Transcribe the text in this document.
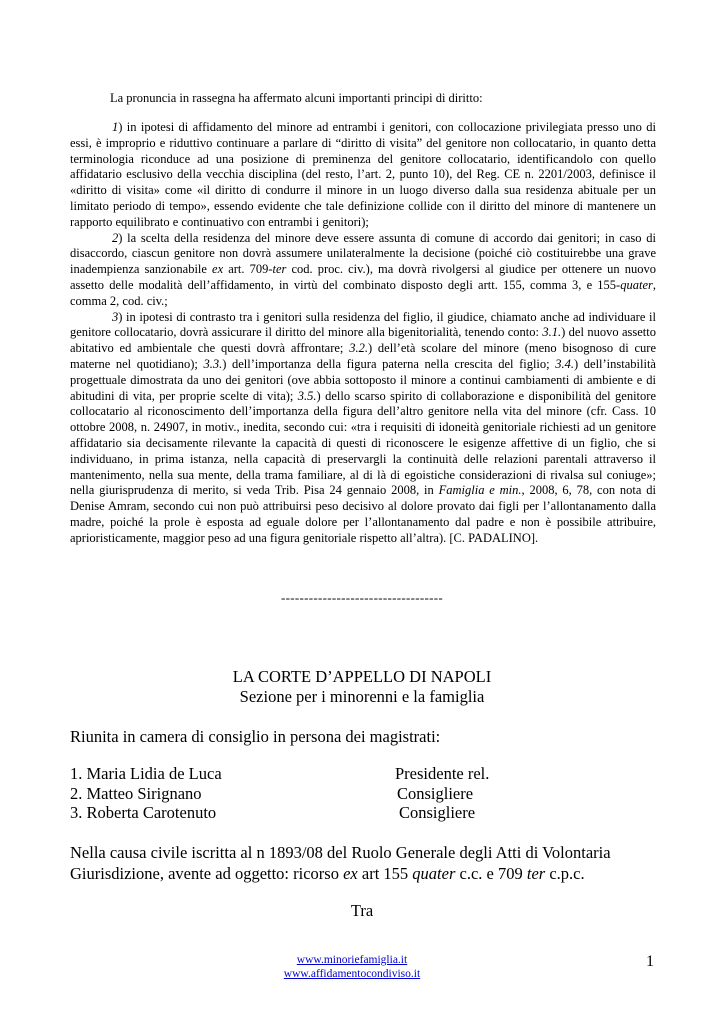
La pronuncia in rassegna ha affermato alcuni importanti principi di diritto:

1) in ipotesi di affidamento del minore ad entrambi i genitori, con collocazione privilegiata presso uno di essi, è improprio e riduttivo continuare a parlare di “diritto di visita” del genitore non collocatario, in quanto detta terminologia riconduce ad una posizione di preminenza del genitore collocatario, identificandolo con quello affidatario esclusivo della vecchia disciplina (del resto, l’art. 2, punto 10), del Reg. CE n. 2201/2003, definisce il «diritto di visita» come «il diritto di condurre il minore in un luogo diverso dalla sua residenza abituale per un limitato periodo di tempo», essendo evidente che tale definizione collide con il diritto del minore di mantenere un rapporto equilibrato e continuativo con entrambi i genitori);

2) la scelta della residenza del minore deve essere assunta di comune di accordo dai genitori; in caso di disaccordo, ciascun genitore non dovrà assumere unilateralmente la decisione (poiché ciò costituirebbe una grave inadempienza sanzionabile ex art. 709-ter cod. proc. civ.), ma dovrà rivolgersi al giudice per ottenere un nuovo assetto delle modalità dell’affidamento, in virtù del combinato disposto degli artt. 155, comma 3, e 155-quater, comma 2, cod. civ.;

3) in ipotesi di contrasto tra i genitori sulla residenza del figlio, il giudice, chiamato anche ad individuare il genitore collocatario, dovrà assicurare il diritto del minore alla bigenitorialità, tenendo conto: 3.1.) del nuovo assetto abitativo ed ambientale che questi dovrà affrontare; 3.2.) dell’età scolare del minore (meno bisognoso di cure materne nel quotidiano); 3.3.) dell’importanza della figura paterna nella crescita del figlio; 3.4.) dell’instabilità progettuale dimostrata da uno dei genitori (ove abbia sottoposto il minore a continui cambiamenti di ambiente e di abitudini di vita, per proprie scelte di vita); 3.5.) dello scarso spirito di collaborazione e disponibilità del genitore collocatario al riconoscimento dell’importanza della figura dell’altro genitore nella vita del minore (cfr. Cass. 10 ottobre 2008, n. 24907, in motiv., inedita, secondo cui: «tra i requisiti di idoneità genitoriale richiesti ad un genitore affidatario sia decisamente rilevante la capacità di questi di riconoscere le esigenze affettive di un figlio, che si individuano, in prima istanza, nella capacità di preservargli la continuità delle relazioni parentali attraverso il mantenimento, nella sua mente, della trama familiare, al di là di egoistiche considerazioni di rivalsa sul coniuge»; nella giurisprudenza di merito, si veda Trib. Pisa 24 gennaio 2008, in Famiglia e min., 2008, 6, 78, con nota di Denise Amram, secondo cui non può attribuirsi peso decisivo al dolore provato dai figli per l’allontanamento dalla madre, poiché la prole è esposta ad eguale dolore per l’allontanamento dal padre e non è possibile attribuire, aprioristicamente, maggior peso ad una figura genitoriale rispetto all’altra). [C. PADALINO].

-----------------------------------
LA CORTE D’APPELLO DI NAPOLI
Sezione per i minorenni e la famiglia
Riunita in camera di consiglio in persona dei magistrati:
1. Maria Lidia de Luca	Presidente rel.
2. Matteo Sirignano	Consigliere
3. Roberta Carotenuto	Consigliere
Nella causa civile iscritta al n 1893/08 del Ruolo Generale degli Atti di Volontaria Giurisdizione, avente ad oggetto: ricorso ex art 155 quater c.c. e 709 ter c.p.c.
Tra
www.minoriefamiglia.it
www.affidamentocondiviso.it
1
